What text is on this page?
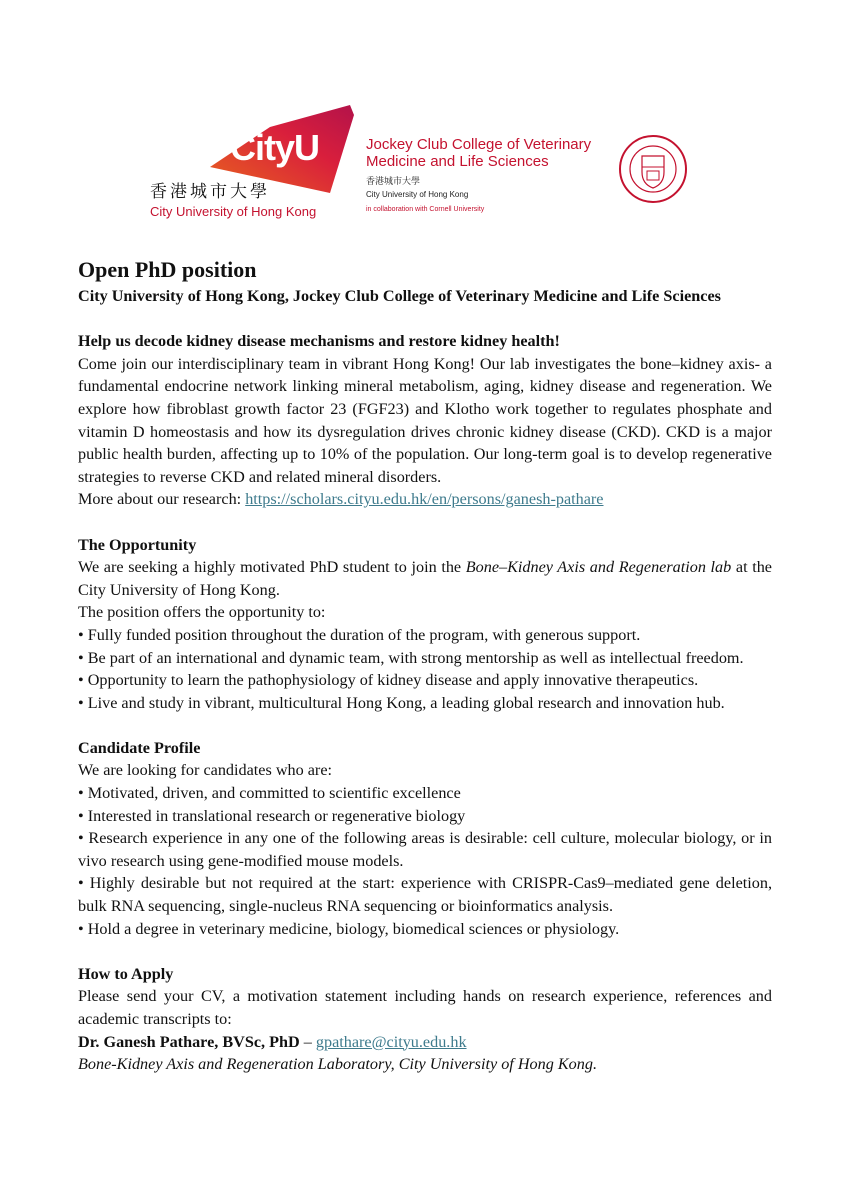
CityU
香港城市大學
City University of Hong Kong
Jockey Club College of Veterinary
Medicine and Life Sciences
香港城市大學
City University of Hong Kong
in collaboration with Cornell University
Open PhD position
City University of Hong Kong, Jockey Club College of Veterinary Medicine and Life Sciences
Help us decode kidney disease mechanisms and restore kidney health!

Come join our interdisciplinary team in vibrant Hong Kong! Our lab investigates the bone–kidney axis- a fundamental endocrine network linking mineral metabolism, aging, kidney disease and regeneration. We explore how fibroblast growth factor 23 (FGF23) and Klotho work together to regulates phosphate and vitamin D homeostasis and how its dysregulation drives chronic kidney disease (CKD). CKD is a major public health burden, affecting up to 10% of the population. Our long-term goal is to develop regenerative strategies to reverse CKD and related mineral disorders.

More about our research: https://scholars.cityu.edu.hk/en/persons/ganesh-pathare
The Opportunity

We are seeking a highly motivated PhD student to join the Bone–Kidney Axis and Regeneration lab at the City University of Hong Kong.

The position offers the opportunity to:
• Fully funded position throughout the duration of the program, with generous support.
• Be part of an international and dynamic team, with strong mentorship as well as intellectual freedom.
• Opportunity to learn the pathophysiology of kidney disease and apply innovative therapeutics.
• Live and study in vibrant, multicultural Hong Kong, a leading global research and innovation hub.
Candidate Profile
We are looking for candidates who are:

• Motivated, driven, and committed to scientific excellence

• Interested in translational research or regenerative biology

• Research experience in any one of the following areas is desirable: cell culture, molecular biology, or in vivo research using gene-modified mouse models.

• Highly desirable but not required at the start: experience with CRISPR-Cas9–mediated gene deletion, bulk RNA sequencing, single-nucleus RNA sequencing or bioinformatics analysis.

• Hold a degree in veterinary medicine, biology, biomedical sciences or physiology.

How to Apply

Please send your CV, a motivation statement including hands on research experience, references and academic transcripts to:

Dr. Ganesh Pathare, BVSc, PhD – gpathare@cityu.edu.hk
Bone-Kidney Axis and Regeneration Laboratory, City University of Hong Kong.
